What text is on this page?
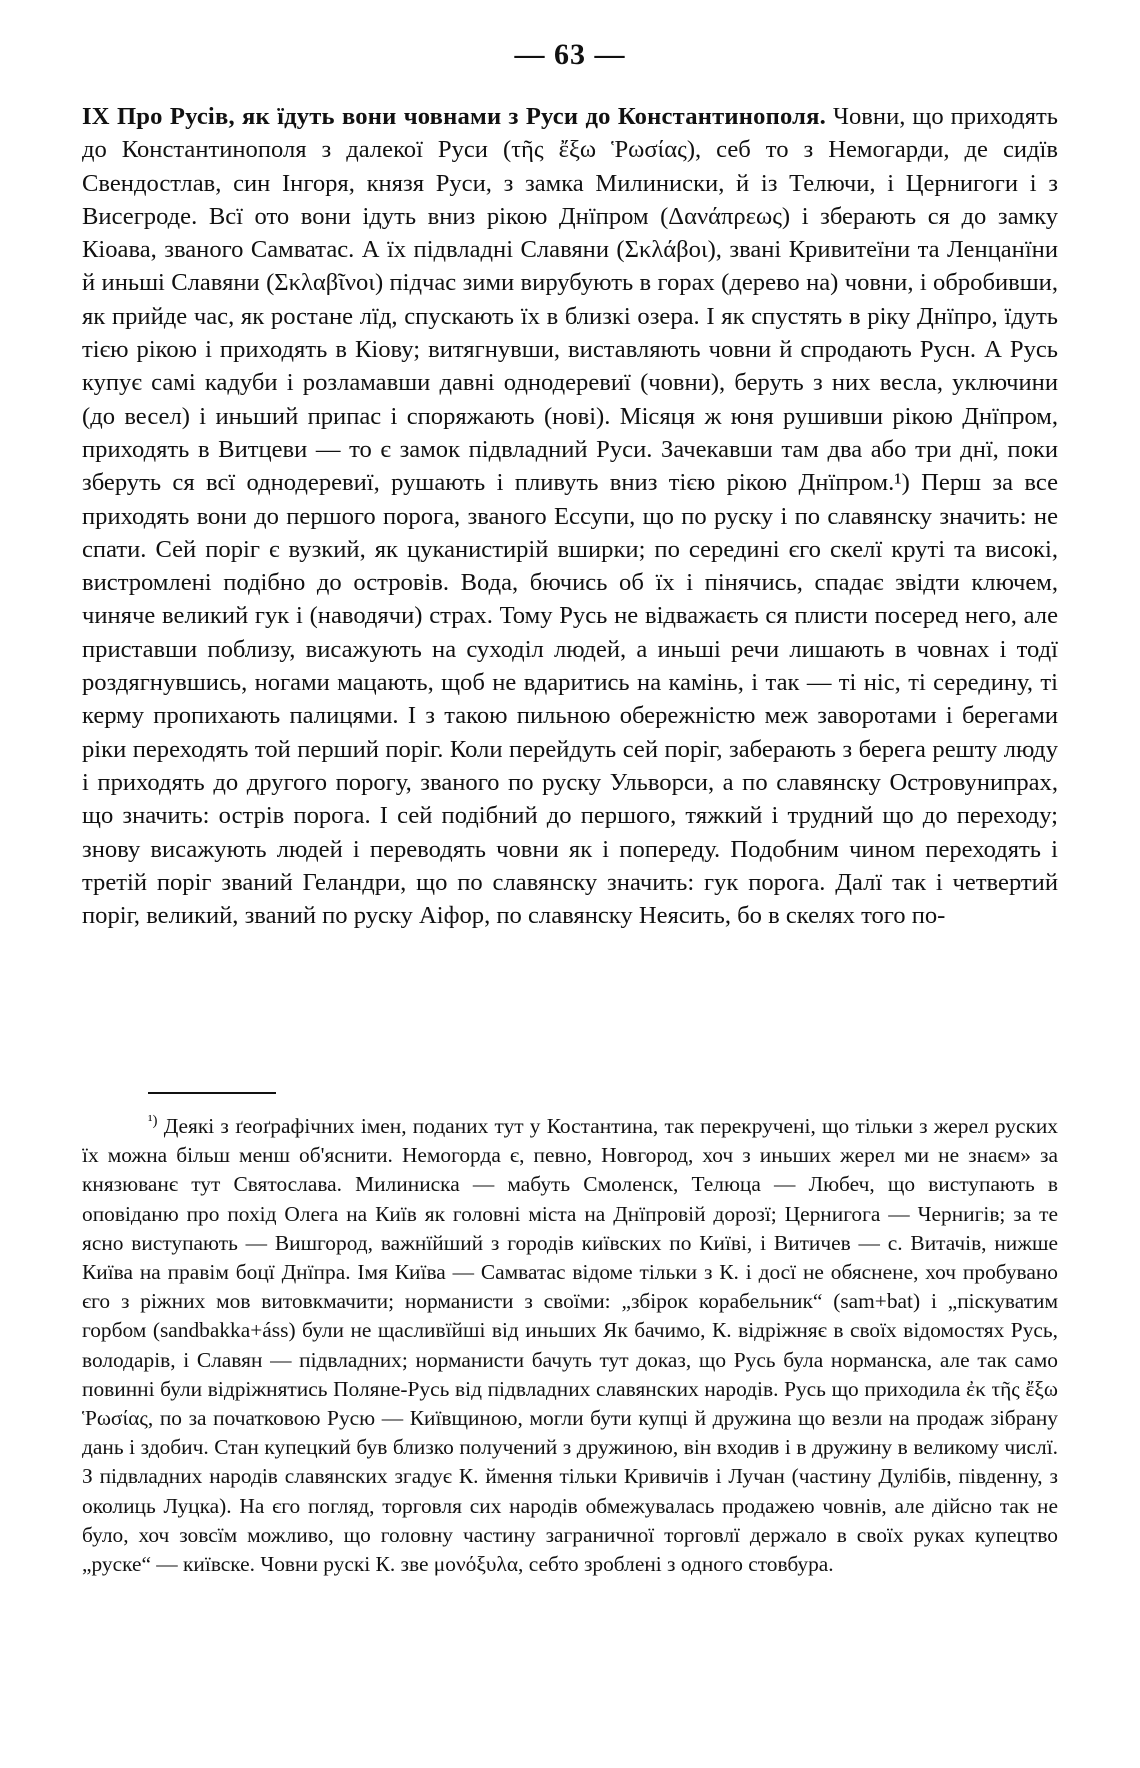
— 63 —

IX Про Русів, як їдуть вони човнами з Руси до Константинополя. Човни, що приходять до Константинополя з далекої Руси (τῆς ἔξω Ῥωσίας), себ то з Немогарди, де сидїв Свендостлав, син Інгоря, князя Руси, з замка Милиниски, й із Телючи, і Цернигоги і з Висегроде. Всї ото вони ідуть вниз рікою Днїпром (Δανάπρεως) і зберають ся до замку Кіоава, званого Самватас. А їх підвладні Славяни (Σκλάβοι), звані Кривитеїни та Ленцанїни й иньші Славяни (Σκλαβῖνοι) підчас зими вирубують в горах (дерево на) човни, і обробивши, як прийде час, як ростане лїд, спускають їх в близкі озера. І як спустять в ріку Днїпро, їдуть тією рікою і приходять в Кіову; витягнувши, виставляють човни й спродають Русн. А Русь купує самі кадуби і розламавши давні однодеревиї (човни), беруть з них весла, уключини (до весел) і иньший припас і споряжають (нові). Місяця ж юня рушивши рікою Днїпром, приходять в Витцеви — то є замок підвладний Руси. Зачекавши там два або три днї, поки зберуть ся всї однодеревиї, рушають і пливуть вниз тією рікою Днїпром.¹) Перш за все приходять вони до першого порога, званого Ессупи, що по руску і по славянску значить: не спати. Сей поріг є вузкий, як цуканистирій вширки; по середині єго скелї круті та високі, вистромлені подібно до островів. Вода, бючись об їх і пінячись, спадає звідти ключем, чиняче великий гук і (наводячи) страх. Тому Русь не відважаєть ся плисти посеред него, але приставши поблизу, висажують на суходіл людей, а иньші речи лишають в човнах і тодї роздягнувшись, ногами мацають, щоб не вдаритись на камінь, і так — ті ніс, ті середину, ті керму пропихають палицями. І з такою пильною обережністю меж заворотами і берегами ріки переходять той перший поріг. Коли перейдуть сей поріг, заберають з берега решту люду і приходять до другого порогу, званого по руску Ульворси, а по славянску Островунипрах, що значить: острів порога. І сей подібний до першого, тяжкий і трудний що до переходу; знову висажують людей і переводять човни як і попереду. Подобним чином переходять і третій поріг званий Геландри, що по славянску значить: гук порога. Далї так і четвертий поріг, великий, званий по руску Аіфор, по славянску Неясить, бо в скелях того по-

$^{^1)}$ Деякі з ґеоґрафічних імен, поданих тут у Костантина, так перекручені, що тільки з жерел руских їх можна більш менш об'яснити. Немогорда є, певно, Новгород, хоч з иньших жерел ми не знаєм» за князюванє тут Святослава. Милиниска — мабуть Смоленск, Телюца — Любеч, що виступають в оповіданю про похід Олега на Київ як головні міста на Днїпровій дорозї; Цернигога — Чернигів; за те ясно виступають — Вишгород, важнїйший з городів київских по Київі, і Витичев — с. Витачів, нижше Київа на правім боцї Днїпра. Імя Київа — Самватас відоме тільки з К. і досї не обяснене, хоч пробувано єго з ріжних мов витовкмачити; норманисти з своїми: „збірок корабельник“ (sam+bat) і „піскуватим горбом (sandbakka+áss) були не щасливїйші від иньших Як бачимо, К. відріжняє в своїх відомостях Русь, володарів, і Славян — підвладних; норманисти бачуть тут доказ, що Русь була норманска, але так само повинні були відріжнятись Поляне-Русь від підвладних славянских народів. Русь що приходила ἐκ τῆς ἔξω Ῥωσίας, по за початковою Русю — Київщиною, могли бути купці й дружина що везли на продаж зібрану дань і здобич. Стан купецкий був близко получений з дружиною, він входив і в дружину в великому числї. З підвладних народів славянских згадує К. ймення тільки Кривичів і Лучан (частину Дулібів, південну, з околиць Луцка). На єго погляд, торговля сих народів обмежувалась продажею човнів, але дійсно так не було, хоч зовсїм можливо, що головну частину заграничної торговлї держало в своїх руках купецтво „руске“ — київске. Човни рускі К. зве μονόξυλα, себто зроблені з одного стовбура.
